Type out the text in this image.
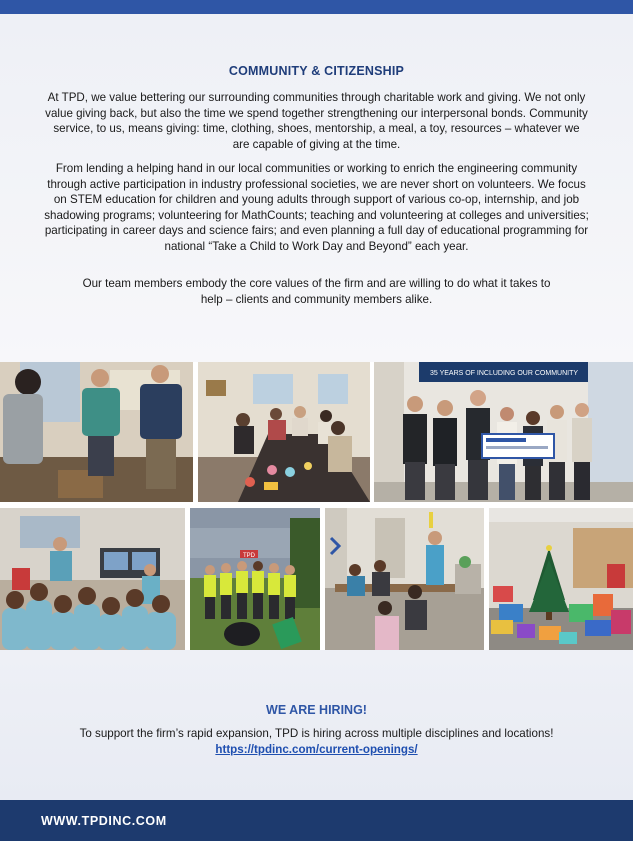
COMMUNITY & CITIZENSHIP

At TPD, we value bettering our surrounding communities through charitable work and giving. We not only value giving back, but also the time we spend together strengthening our interpersonal bonds. Community service, to us, means giving: time, clothing, shoes, mentorship, a meal, a toy, resources – whatever we are capable of giving at the time.

From lending a helping hand in our local communities or working to enrich the engineering community through active participation in industry professional societies, we are never short on volunteers. We focus on STEM education for children and young adults through support of various co-op, internship, and job shadowing programs; volunteering for MathCounts; teaching and volunteering at colleges and universities; participating in career days and science fairs; and even planning a full day of educational programming for national “Take a Child to Work Day and Beyond” each year.

Our team members embody the core values of the firm and are willing to do what it takes to help – clients and community members alike.

35 YEARS OF INCLUDING OUR COMMUNITY
TPD
WE ARE HIRING!
To support the firm’s rapid expansion, TPD is hiring across multiple disciplines and locations!
https://tpdinc.com/current-openings/
WWW.TPDINC.COM
